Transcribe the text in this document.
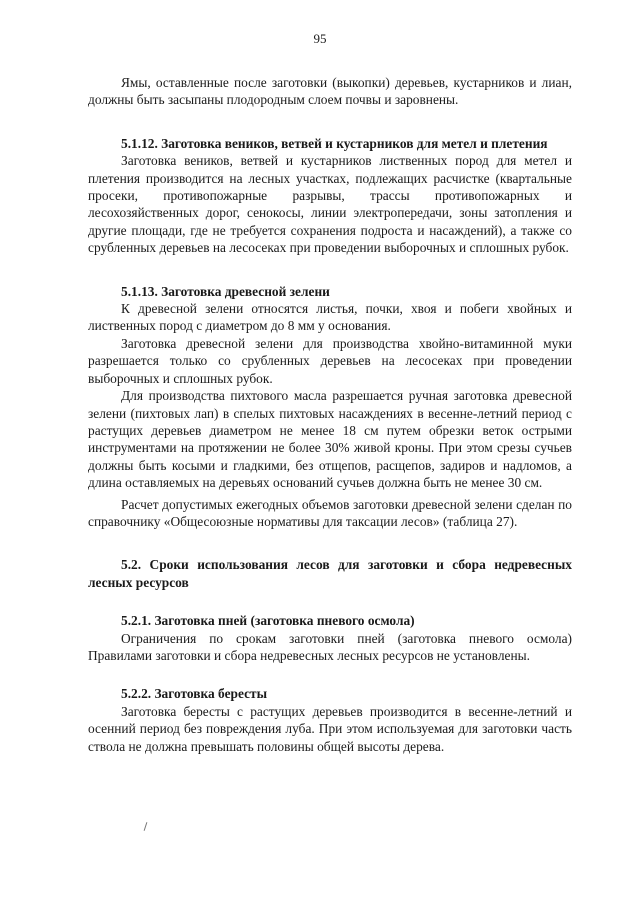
95

Ямы, оставленные после заготовки (выкопки) деревьев, кустарников и лиан, должны быть засыпаны плодородным слоем почвы и заровнены.

5.1.12. Заготовка веников, ветвей и кустарников для метел и плетения

Заготовка веников, ветвей и кустарников лиственных пород для метел и плетения производится на лесных участках, подлежащих расчистке (квартальные просеки, противопожарные разрывы, трассы противопожарных и лесохозяйственных дорог, сенокосы, линии электропередачи, зоны затопления и другие площади, где не требуется сохранения подроста и насаждений), а также со срубленных деревьев на лесосеках при проведении выборочных и сплошных рубок.

5.1.13. Заготовка древесной зелени

К древесной зелени относятся листья, почки, хвоя и побеги хвойных и лиственных пород с диаметром до 8 мм у основания.

Заготовка древесной зелени для производства хвойно-витаминной муки разрешается только со срубленных деревьев на лесосеках при проведении выборочных и сплошных рубок.

Для производства пихтового масла разрешается ручная заготовка древесной зелени (пихтовых лап) в спелых пихтовых насаждениях в весенне-летний период с растущих деревьев диаметром не менее 18 см путем обрезки веток острыми инструментами на протяжении не более 30% живой кроны. При этом срезы сучьев должны быть косыми и гладкими, без отщепов, расщепов, задиров и надломов, а длина оставляемых на деревьях оснований сучьев должна быть не менее 30 см.

Расчет допустимых ежегодных объемов заготовки древесной зелени сделан по справочнику «Общесоюзные нормативы для таксации лесов» (таблица 27).

5.2. Сроки использования лесов для заготовки и сбора недревесных лесных ресурсов

5.2.1. Заготовка пней (заготовка пневого осмола)

Ограничения по срокам заготовки пней (заготовка пневого осмола) Правилами заготовки и сбора недревесных лесных ресурсов не установлены.

5.2.2. Заготовка бересты

Заготовка бересты с растущих деревьев производится в весенне-летний и осенний период без повреждения луба. При этом используемая для заготовки часть ствола не должна превышать половины общей высоты дерева.
